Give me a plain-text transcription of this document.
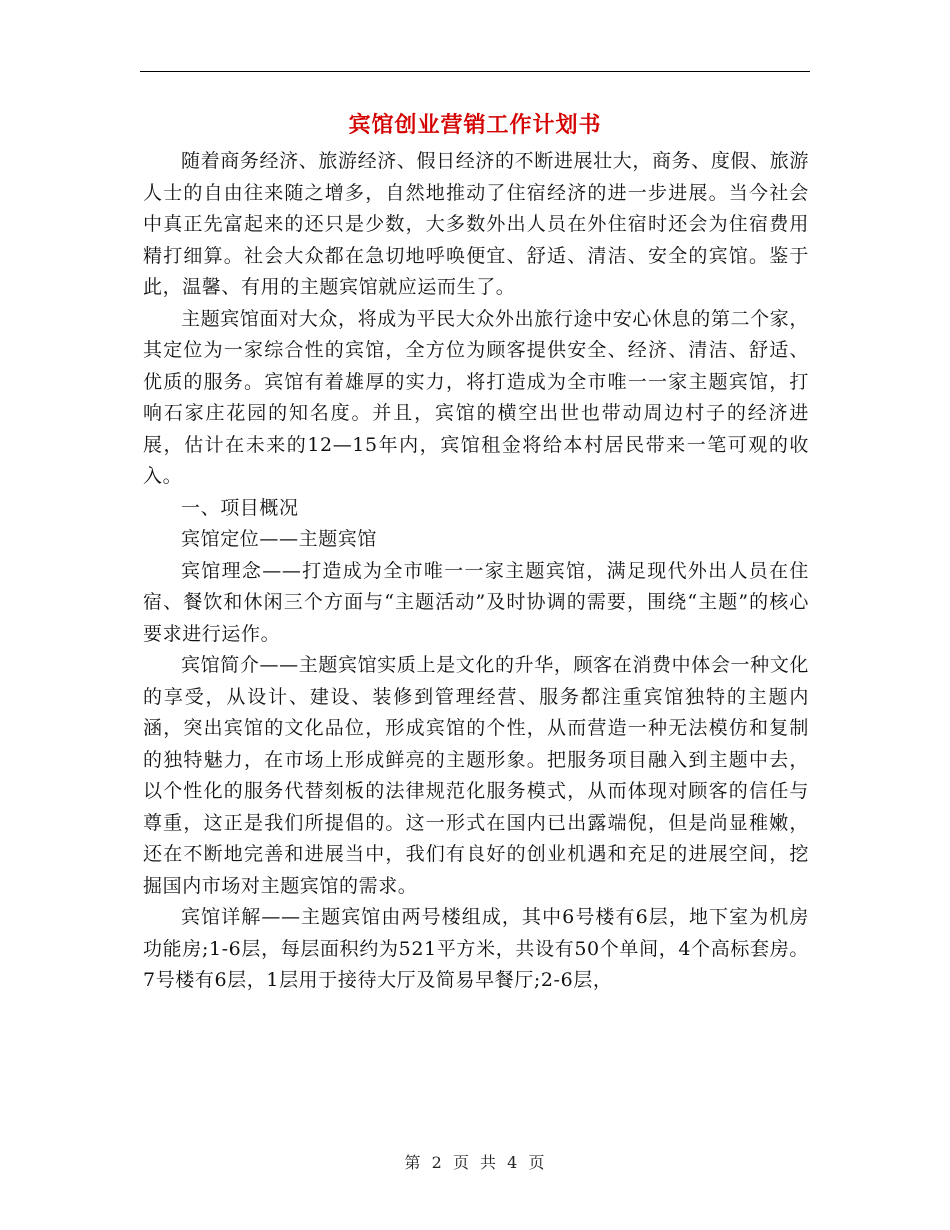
宾馆创业营销工作计划书

随着商务经济、旅游经济、假日经济的不断进展壮大，商务、度假、旅游人士的自由往来随之增多，自然地推动了住宿经济的进一步进展。当今社会中真正先富起来的还只是少数，大多数外出人员在外住宿时还会为住宿费用精打细算。社会大众都在急切地呼唤便宜、舒适、清洁、安全的宾馆。鉴于此，温馨、有用的主题宾馆就应运而生了。

主题宾馆面对大众，将成为平民大众外出旅行途中安心休息的第二个家，其定位为一家综合性的宾馆，全方位为顾客提供安全、经济、清洁、舒适、优质的服务。宾馆有着雄厚的实力，将打造成为全市唯一一家主题宾馆，打响石家庄花园的知名度。并且，宾馆的横空出世也带动周边村子的经济进展，估计在未来的12—15年内，宾馆租金将给本村居民带来一笔可观的收入。

一、项目概况

宾馆定位——主题宾馆

宾馆理念——打造成为全市唯一一家主题宾馆，满足现代外出人员在住宿、餐饮和休闲三个方面与“主题活动”及时协调的需要，围绕“主题”的核心要求进行运作。

宾馆简介——主题宾馆实质上是文化的升华，顾客在消费中体会一种文化的享受，从设计、建设、装修到管理经营、服务都注重宾馆独特的主题内涵，突出宾馆的文化品位，形成宾馆的个性，从而营造一种无法模仿和复制的独特魅力，在市场上形成鲜亮的主题形象。把服务项目融入到主题中去，以个性化的服务代替刻板的法律规范化服务模式，从而体现对顾客的信任与尊重，这正是我们所提倡的。这一形式在国内已出露端倪，但是尚显稚嫩，还在不断地完善和进展当中，我们有良好的创业机遇和充足的进展空间，挖掘国内市场对主题宾馆的需求。

宾馆详解——主题宾馆由两号楼组成，其中6号楼有6层，地下室为机房功能房;1-6层，每层面积约为521平方米，共设有50个单间，4个高标套房。7号楼有6层，1层用于接待大厅及简易早餐厅;2-6层，

第 2 页 共 4 页
